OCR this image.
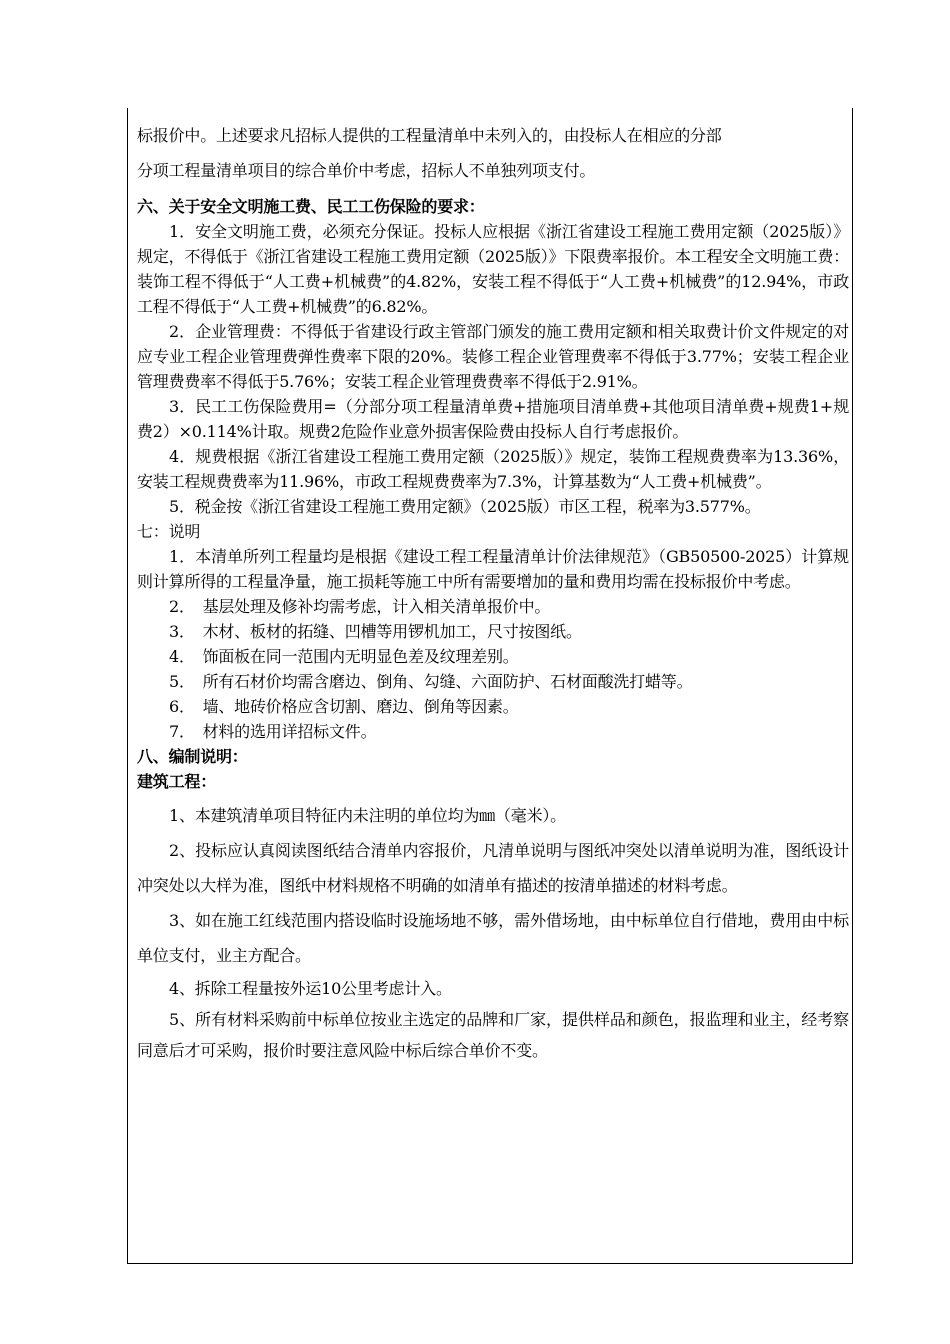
标报价中。上述要求凡招标人提供的工程量清单中未列入的，由投标人在相应的分部

分项工程量清单项目的综合单价中考虑，招标人不单独列项支付。

六、关于安全文明施工费、民工工伤保险的要求：

1．安全文明施工费，必须充分保证。投标人应根据《浙江省建设工程施工费用定额（2025版）》规定，不得低于《浙江省建设工程施工费用定额（2025版）》下限费率报价。本工程安全文明施工费：装饰工程不得低于“人工费+机械费”的4.82%，安装工程不得低于“人工费+机械费”的12.94%，市政工程不得低于“人工费+机械费”的6.82%。

2．企业管理费：不得低于省建设行政主管部门颁发的施工费用定额和相关取费计价文件规定的对应专业工程企业管理费弹性费率下限的20%。装修工程企业管理费率不得低于3.77%；安装工程企业管理费费率不得低于5.76%；安装工程企业管理费费率不得低于2.91%。

3．民工工伤保险费用=（分部分项工程量清单费+措施项目清单费+其他项目清单费+规费1+规费2）×0.114%计取。规费2危险作业意外损害保险费由投标人自行考虑报价。

4．规费根据《浙江省建设工程施工费用定额（2025版）》规定，装饰工程规费费率为13.36%，安装工程规费费率为11.96%，市政工程规费费率为7.3%，计算基数为“人工费+机械费”。

5．税金按《浙江省建设工程施工费用定额》（2025版）市区工程，税率为3.577%。

七：说明

1．本清单所列工程量均是根据《建设工程工程量清单计价法律规范》（GB50500-2025）计算规则计算所得的工程量净量，施工损耗等施工中所有需要增加的量和费用均需在投标报价中考虑。

2．　基层处理及修补均需考虑，计入相关清单报价中。

3．　木材、板材的拓缝、凹槽等用锣机加工，尺寸按图纸。

4．　饰面板在同一范围内无明显色差及纹理差别。

5．　所有石材价均需含磨边、倒角、勾缝、六面防护、石材面酸洗打蜡等。

6．　墙、地砖价格应含切割、磨边、倒角等因素。

7．　材料的选用详招标文件。

八、编制说明：

建筑工程：

1、本建筑清单项目特征内未注明的单位均为㎜（毫米）。

2、投标应认真阅读图纸结合清单内容报价，凡清单说明与图纸冲突处以清单说明为准，图纸设计冲突处以大样为准，图纸中材料规格不明确的如清单有描述的按清单描述的材料考虑。

3、如在施工红线范围内搭设临时设施场地不够，需外借场地，由中标单位自行借地，费用由中标单位支付，业主方配合。

4、拆除工程量按外运10公里考虑计入。

5、所有材料采购前中标单位按业主选定的品牌和厂家，提供样品和颜色，报监理和业主，经考察同意后才可采购，报价时要注意风险中标后综合单价不变。
